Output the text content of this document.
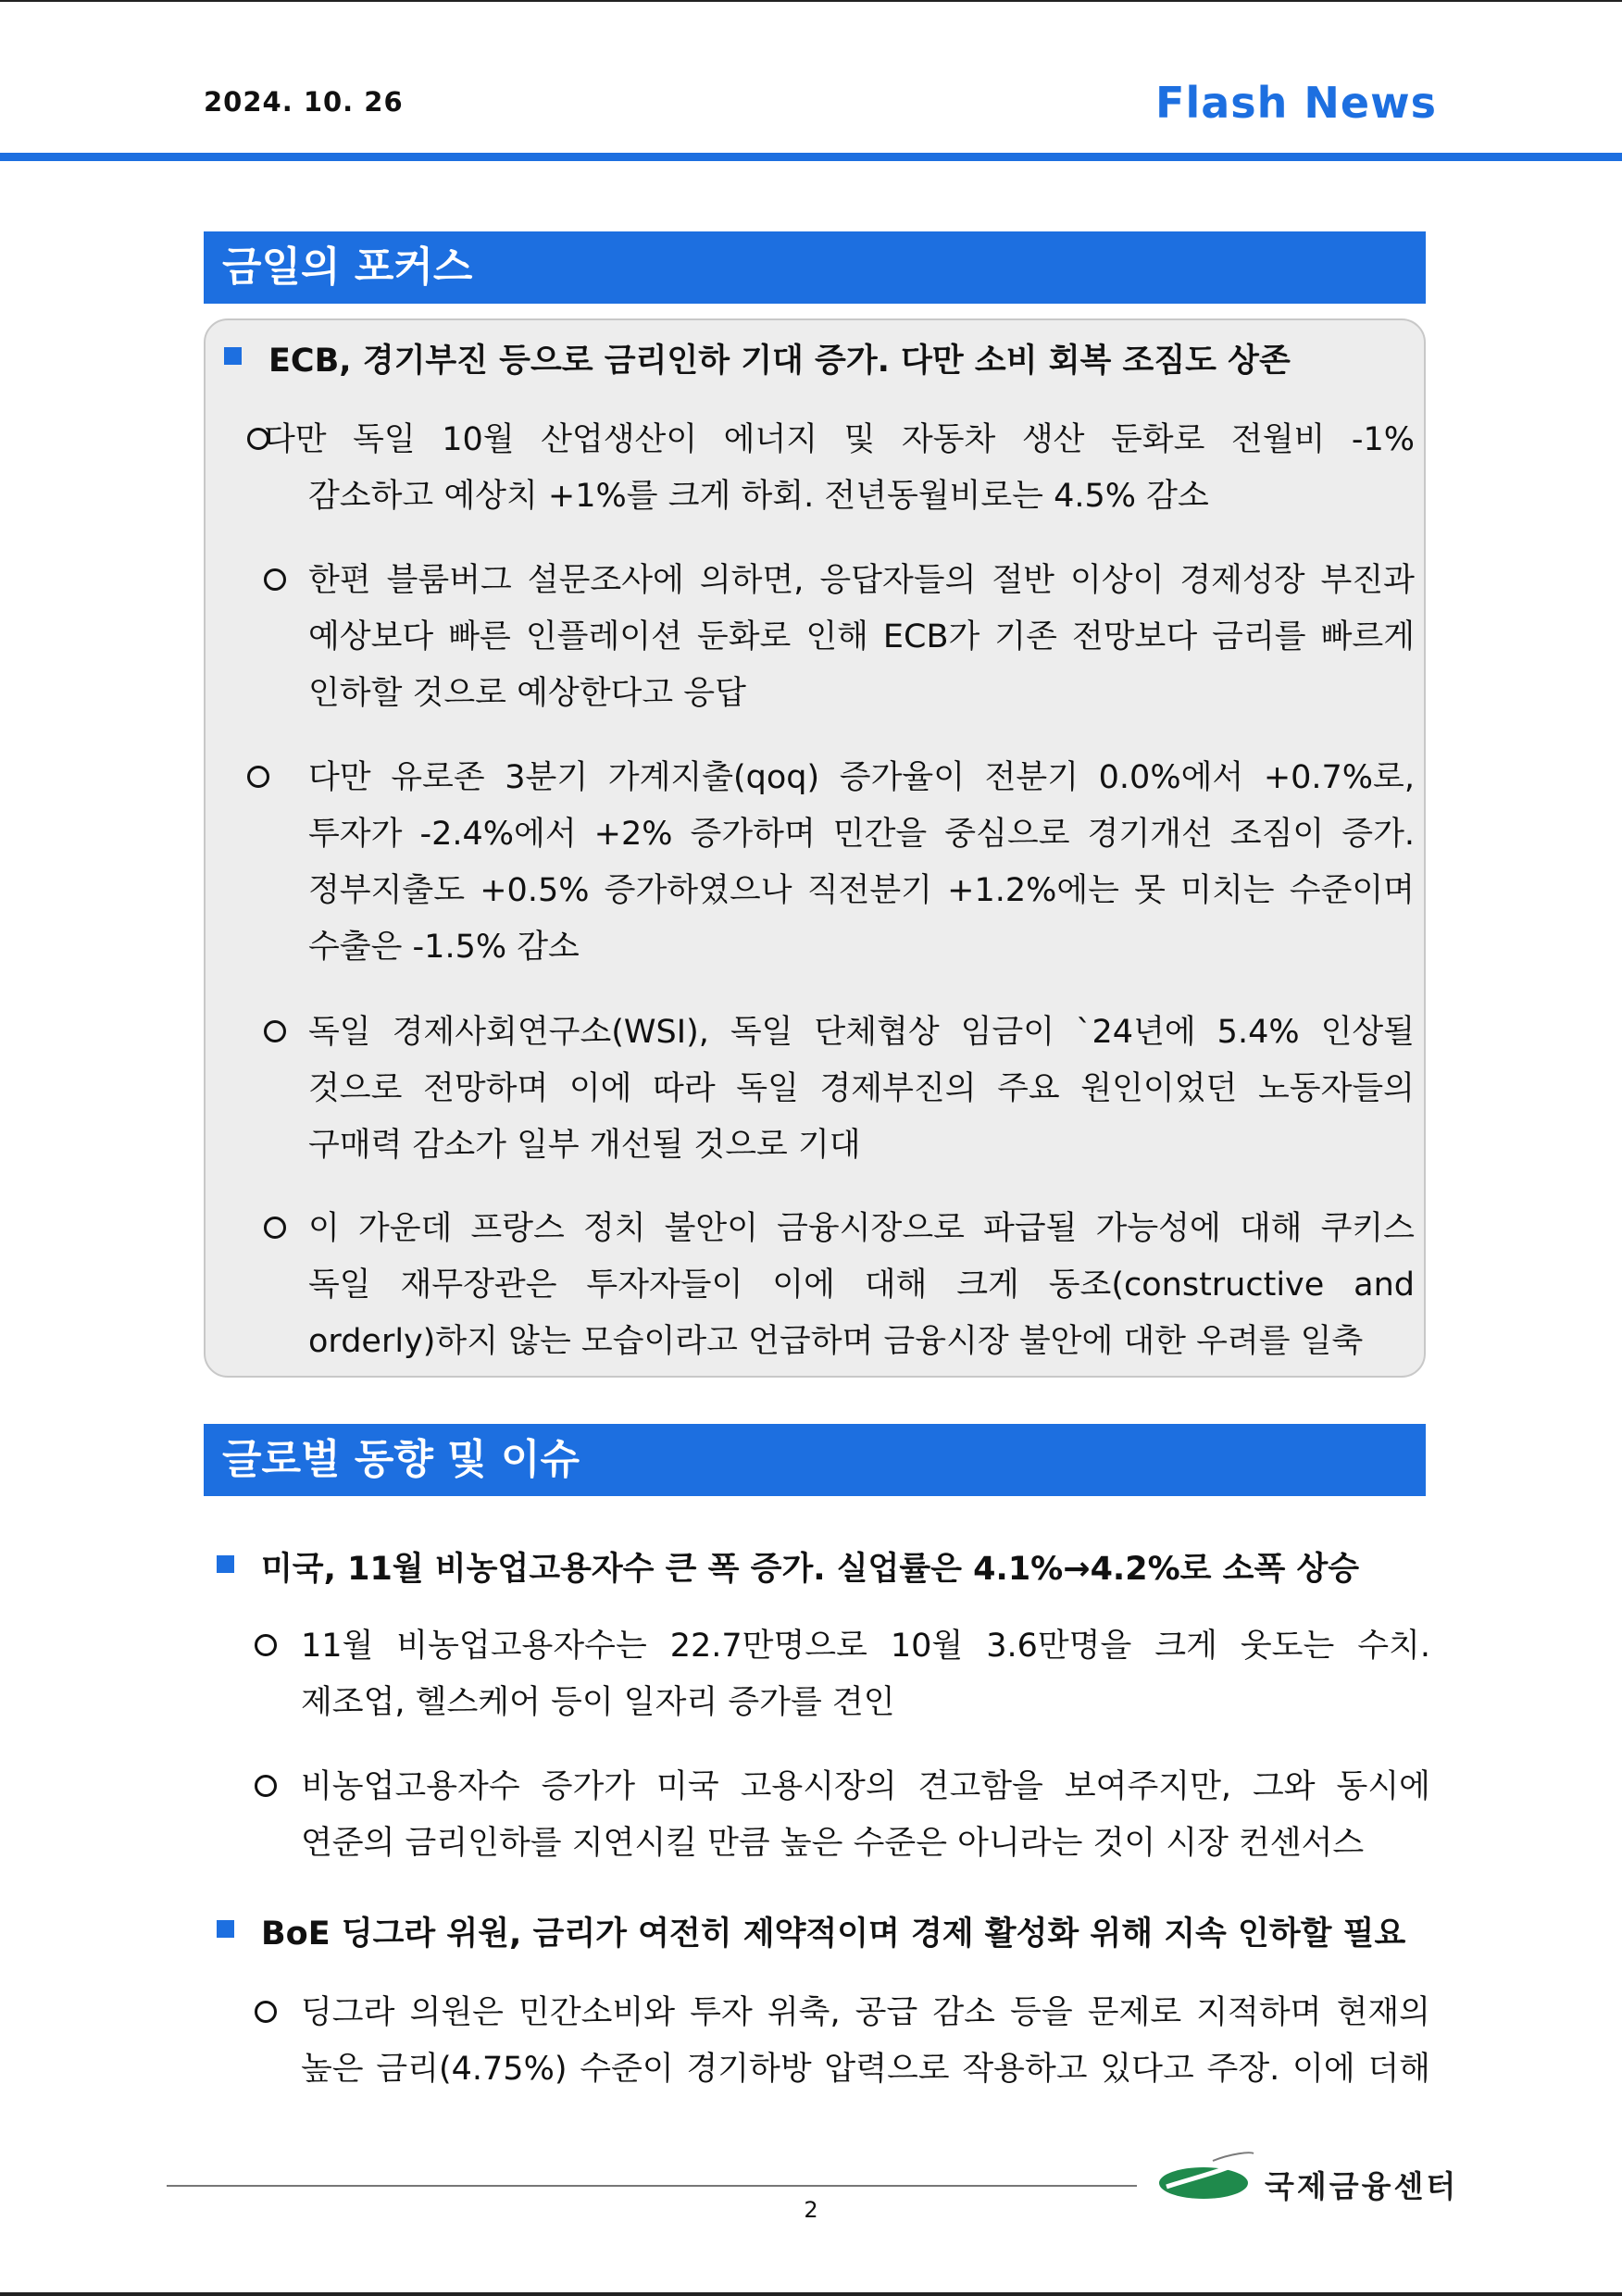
2024. 10. 26	Flash News
금일의 포커스
ECB, 경기부진 등으로 금리인하 기대 증가. 다만 소비 회복 조짐도 상존
다만 독일 10월 산업생산이 에너지 및 자동차 생산 둔화로 전월비 -1%
감소하고 예상치 +1%를 크게 하회. 전년동월비로는 4.5% 감소
한편 블룸버그 설문조사에 의하면, 응답자들의 절반 이상이 경제성장 부진과
예상보다 빠른 인플레이션 둔화로 인해 ECB가 기존 전망보다 금리를 빠르게
인하할 것으로 예상한다고 응답
다만 유로존 3분기 가계지출(qoq) 증가율이 전분기 0.0%에서 +0.7%로,
투자가 -2.4%에서 +2% 증가하며 민간을 중심으로 경기개선 조짐이 증가.
정부지출도 +0.5% 증가하였으나 직전분기 +1.2%에는 못 미치는 수준이며
수출은 -1.5% 감소
독일 경제사회연구소(WSI), 독일 단체협상 임금이 `24년에 5.4% 인상될
것으로 전망하며 이에 따라 독일 경제부진의 주요 원인이었던 노동자들의
구매력 감소가 일부 개선될 것으로 기대
이 가운데 프랑스 정치 불안이 금융시장으로 파급될 가능성에 대해 쿠키스
독일 재무장관은 투자자들이 이에 대해 크게 동조(constructive and
orderly)하지 않는 모습이라고 언급하며 금융시장 불안에 대한 우려를 일축
글로벌 동향 및 이슈
미국, 11월 비농업고용자수 큰 폭 증가. 실업률은 4.1%→4.2%로 소폭 상승
11월 비농업고용자수는 22.7만명으로 10월 3.6만명을 크게 웃도는 수치.
제조업, 헬스케어 등이 일자리 증가를 견인
비농업고용자수 증가가 미국 고용시장의 견고함을 보여주지만, 그와 동시에
연준의 금리인하를 지연시킬 만큼 높은 수준은 아니라는 것이 시장 컨센서스
BoE 딩그라 위원, 금리가 여전히 제약적이며 경제 활성화 위해 지속 인하할 필요
딩그라 의원은 민간소비와 투자 위축, 공급 감소 등을 문제로 지적하며 현재의
높은 금리(4.75%) 수준이 경기하방 압력으로 작용하고 있다고 주장. 이에 더해
2
국제금융센터
